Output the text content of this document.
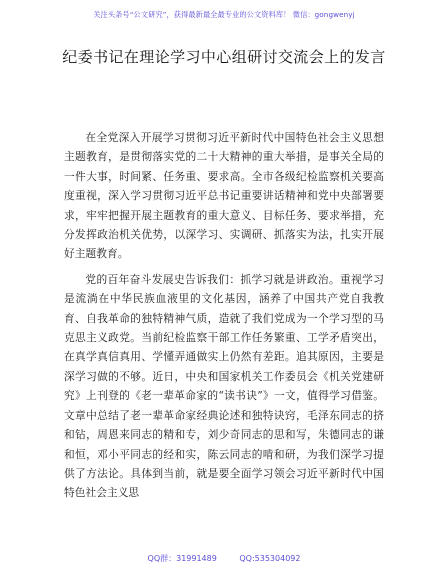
关注头条号“公文研究”，获得最新最全最专业的公文资料库！ 微信：gongwenyj
纪委书记在理论学习中心组研讨交流会上的发言

在全党深入开展学习贯彻习近平新时代中国特色社会主义思想主题教育，是贯彻落实党的二十大精神的重大举措，是事关全局的一件大事，时间紧、任务重、要求高。全市各级纪检监察机关要高度重视，深入学习贯彻习近平总书记重要讲话精神和党中央部署要求，牢牢把握开展主题教育的重大意义、目标任务、要求举措，充分发挥政治机关优势，以深学习、实调研、抓落实为法，扎实开展好主题教育。

党的百年奋斗发展史告诉我们：抓学习就是讲政治。重视学习是流淌在中华民族血液里的文化基因，涵养了中国共产党自我教育、自我革命的独特精神气质，造就了我们党成为一个学习型的马克思主义政党。当前纪检监察干部工作任务繁重、工学矛盾突出，在真学真信真用、学懂弄通做实上仍然有差距。追其原因，主要是深学习做的不够。近日，中央和国家机关工作委员会《机关党建研究》上刊登的《老一辈革命家的“读书诀”》一文，值得学习借鉴。文章中总结了老一辈革命家经典论述和独特诀窍，毛泽东同志的挤和钻，周恩来同志的精和专，刘少奇同志的思和写，朱德同志的谦和恒，邓小平同志的经和实，陈云同志的啃和研，为我们深学习提供了方法论。具体到当前，就是要全面学习领会习近平新时代中国特色社会主义思

QQ群：31991489	QQ:535304092
